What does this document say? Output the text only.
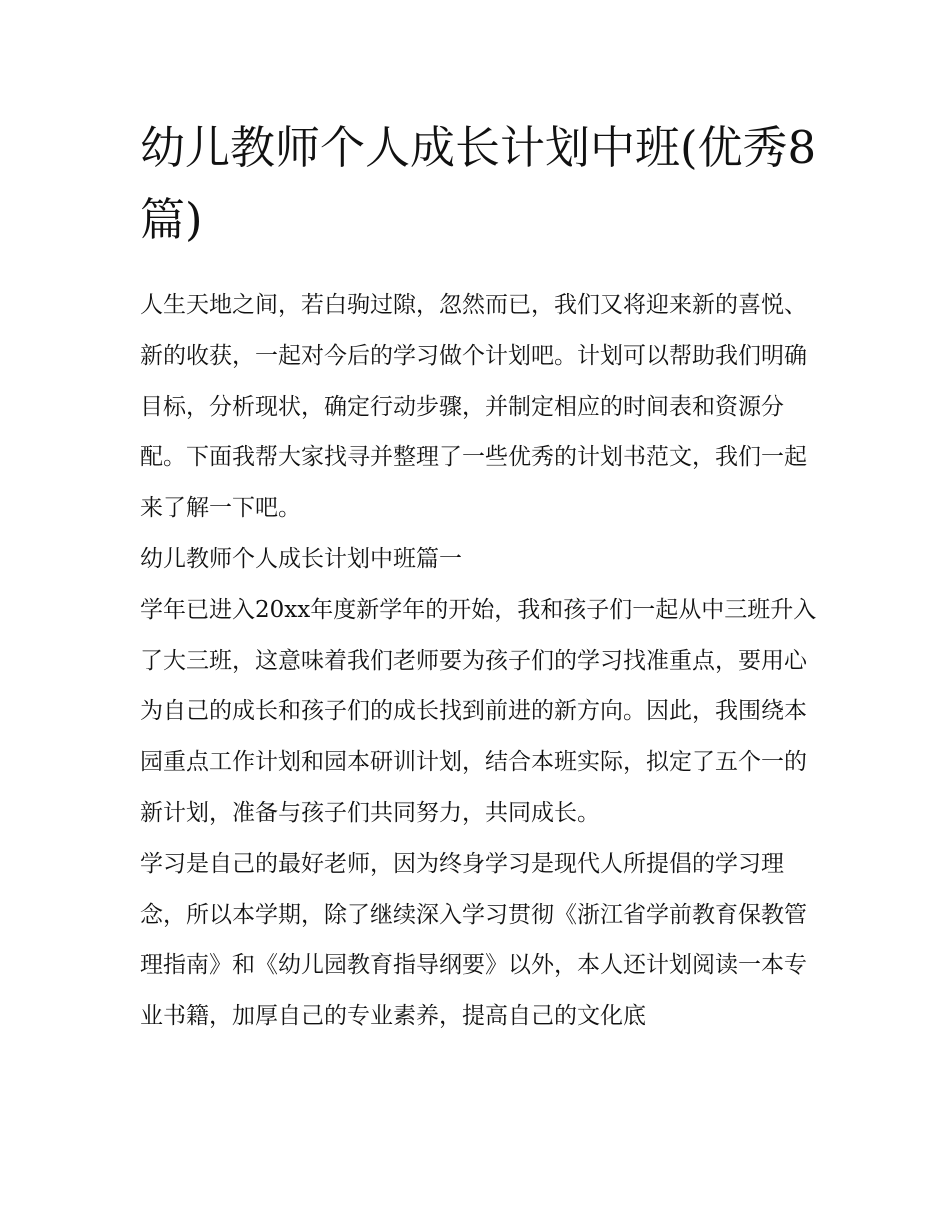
幼儿教师个人成长计划中班(优秀8篇)

人生天地之间，若白驹过隙，忽然而已，我们又将迎来新的喜悦、新的收获，一起对今后的学习做个计划吧。计划可以帮助我们明确目标，分析现状，确定行动步骤，并制定相应的时间表和资源分配。下面我帮大家找寻并整理了一些优秀的计划书范文，我们一起来了解一下吧。

幼儿教师个人成长计划中班篇一

学年已进入20xx年度新学年的开始，我和孩子们一起从中三班升入了大三班，这意味着我们老师要为孩子们的学习找准重点，要用心为自己的成长和孩子们的成长找到前进的新方向。因此，我围绕本园重点工作计划和园本研训计划，结合本班实际，拟定了五个一的新计划，准备与孩子们共同努力，共同成长。

学习是自己的最好老师，因为终身学习是现代人所提倡的学习理念，所以本学期，除了继续深入学习贯彻《浙江省学前教育保教管理指南》和《幼儿园教育指导纲要》以外，本人还计划阅读一本专业书籍，加厚自己的专业素养，提高自己的文化底
